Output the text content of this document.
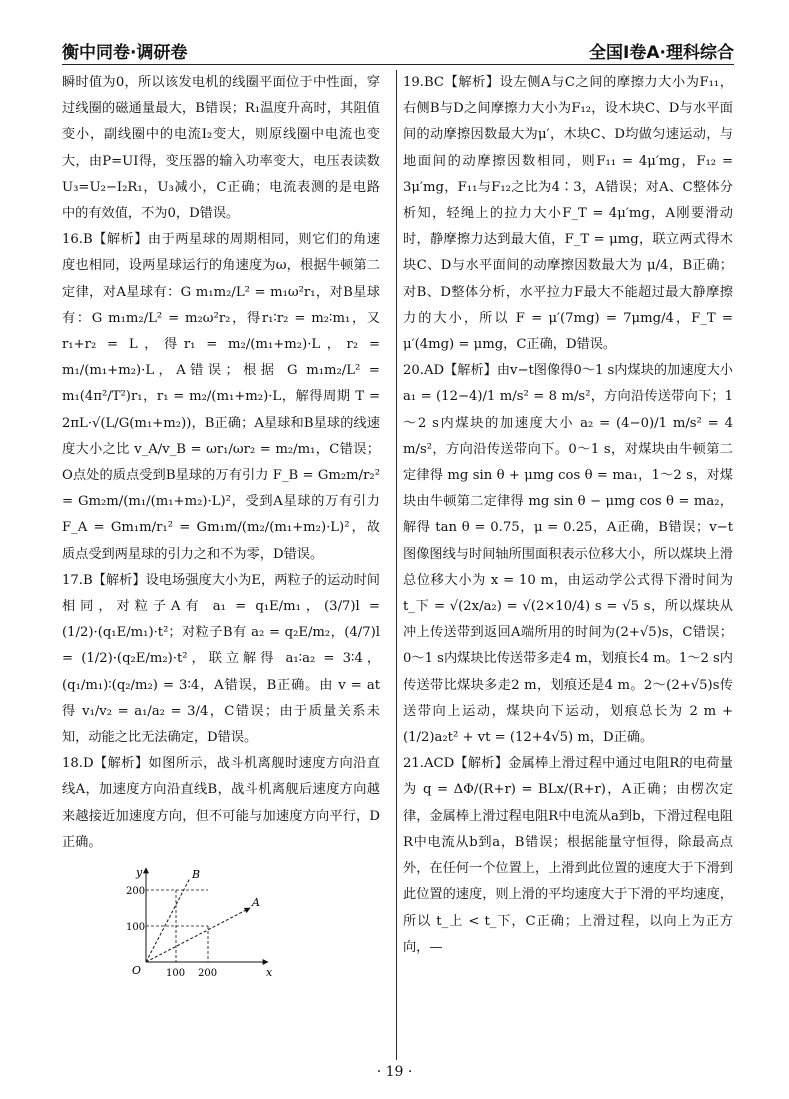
衡中同卷·调研卷	全国Ⅰ卷A·理科综合

瞬时值为0，所以该发电机的线圈平面位于中性面，穿过线圈的磁通量最大，B错误；R₁温度升高时，其阻值变小，副线圈中的电流I₂变大，则原线圈中电流也变大，由P=UI得，变压器的输入功率变大，电压表读数U₃=U₂−I₂R₁，U₃减小，C正确；电流表测的是电路中的有效值，不为0，D错误。

16.B【解析】由于两星球的周期相同，则它们的角速度也相同，设两星球运行的角速度为ω，根据牛顿第二定律，对A星球有：G m₁m₂/L² = m₁ω²r₁，对B星球有：G m₁m₂/L² = m₂ω²r₂，得r₁∶r₂ = m₂∶m₁，又r₁+r₂ = L，得r₁ = m₂/(m₁+m₂)·L，r₂ = m₁/(m₁+m₂)·L，A错误；根据 G m₁m₂/L² = m₁(4π²/T²)r₁，r₁ = m₂/(m₁+m₂)·L，解得周期 T = 2πL·√(L/G(m₁+m₂))，B正确；A星球和B星球的线速度大小之比 v_A/v_B = ωr₁/ωr₂ = m₂/m₁，C错误；O点处的质点受到B星球的万有引力 F_B = Gm₂m/r₂² = Gm₂m/(m₁/(m₁+m₂)·L)²，受到A星球的万有引力 F_A = Gm₁m/r₁² = Gm₁m/(m₂/(m₁+m₂)·L)²，故质点受到两星球的引力之和不为零，D错误。

17.B【解析】设电场强度大小为E，两粒子的运动时间相同，对粒子A有 a₁ = q₁E/m₁，(3/7)l = (1/2)·(q₁E/m₁)·t²；对粒子B有 a₂ = q₂E/m₂，(4/7)l = (1/2)·(q₂E/m₂)·t²，联立解得 a₁∶a₂ = 3∶4，(q₁/m₁)∶(q₂/m₂) = 3∶4，A错误，B正确。由 v = at 得 v₁/v₂ = a₁/a₂ = 3/4，C错误；由于质量关系未知，动能之比无法确定，D错误。

18.D【解析】如图所示，战斗机离舰时速度方向沿直线A，加速度方向沿直线B，战斗机离舰后速度方向越来越接近加速度方向，但不可能与加速度方向平行，D正确。

y
x
O
200
100
100 200
A
B

19.BC【解析】设左侧A与C之间的摩擦力大小为F₁₁，右侧B与D之间摩擦力大小为F₁₂，设木块C、D与水平面间的动摩擦因数最大为μ′，木块C、D均做匀速运动，与地面间的动摩擦因数相同，则F₁₁ = 4μ′mg，F₁₂ = 3μ′mg，F₁₁与F₁₂之比为4∶3，A错误；对A、C整体分析知，轻绳上的拉力大小F_T = 4μ′mg，A刚要滑动时，静摩擦力达到最大值，F_T = μmg，联立两式得木块C、D与水平面间的动摩擦因数最大为 μ/4，B正确；对B、D整体分析，水平拉力F最大不能超过最大静摩擦力的大小，所以 F = μ′(7mg) = 7μmg/4，F_T = μ′(4mg) = μmg，C正确，D错误。

20.AD【解析】由v−t图像得0～1 s内煤块的加速度大小 a₁ = (12−4)/1 m/s² = 8 m/s²，方向沿传送带向下；1～2 s内煤块的加速度大小 a₂ = (4−0)/1 m/s² = 4 m/s²，方向沿传送带向下。0～1 s，对煤块由牛顿第二定律得 mg sin θ + μmg cos θ = ma₁，1～2 s，对煤块由牛顿第二定律得 mg sin θ − μmg cos θ = ma₂，解得 tan θ = 0.75，μ = 0.25，A正确，B错误；v−t图像图线与时间轴所围面积表示位移大小，所以煤块上滑总位移大小为 x = 10 m，由运动学公式得下滑时间为 t_下 = √(2x/a₂) = √(2×10/4) s = √5 s，所以煤块从冲上传送带到返回A端所用的时间为(2+√5)s，C错误；0～1 s内煤块比传送带多走4 m，划痕长4 m。1～2 s内传送带比煤块多走2 m，划痕还是4 m。2～(2+√5)s传送带向上运动，煤块向下运动，划痕总长为 2 m + (1/2)a₂t² + vt = (12+4√5) m，D正确。

21.ACD【解析】金属棒上滑过程中通过电阻R的电荷量为 q = ΔΦ/(R+r) = BLx/(R+r)，A正确；由楞次定律，金属棒上滑过程电阻R中电流从a到b，下滑过程电阻R中电流从b到a，B错误；根据能量守恒得，除最高点外，在任何一个位置上，上滑到此位置的速度大于下滑到此位置的速度，则上滑的平均速度大于下滑的平均速度，所以 t_上 < t_下，C正确；上滑过程，以向上为正方向，—

· 19 ·
